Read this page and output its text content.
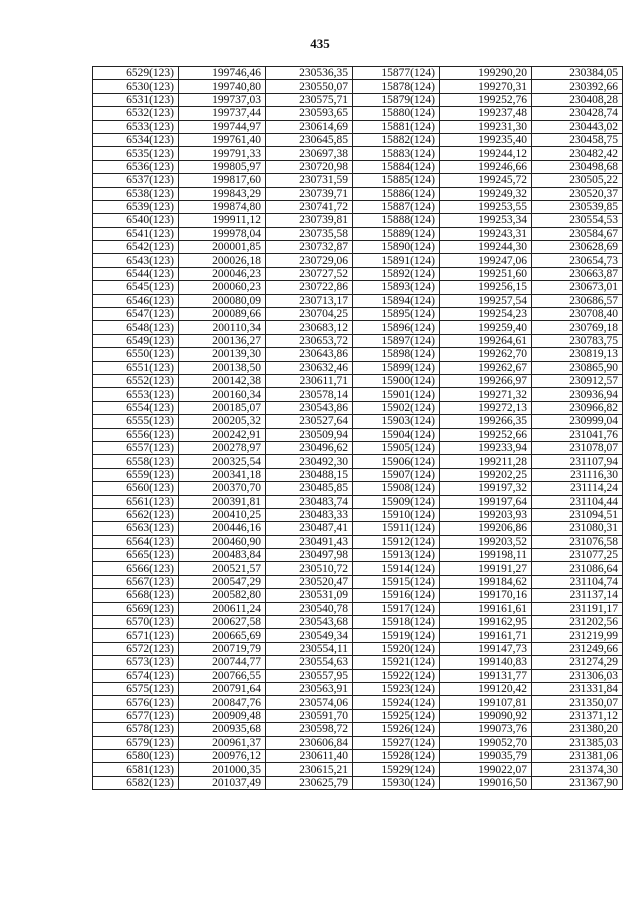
435
6529(123)	199746,46	230536,35	15877(124)	199290,20	230384,05
6530(123)	199740,80	230550,07	15878(124)	199270,31	230392,66
6531(123)	199737,03	230575,71	15879(124)	199252,76	230408,28
6532(123)	199737,44	230593,65	15880(124)	199237,48	230428,74
6533(123)	199744,97	230614,69	15881(124)	199231,30	230443,02
6534(123)	199761,40	230645,85	15882(124)	199235,40	230458,75
6535(123)	199791,33	230697,38	15883(124)	199244,12	230482,42
6536(123)	199805,97	230720,98	15884(124)	199246,66	230498,68
6537(123)	199817,60	230731,59	15885(124)	199245,72	230505,22
6538(123)	199843,29	230739,71	15886(124)	199249,32	230520,37
6539(123)	199874,80	230741,72	15887(124)	199253,55	230539,85
6540(123)	199911,12	230739,81	15888(124)	199253,34	230554,53
6541(123)	199978,04	230735,58	15889(124)	199243,31	230584,67
6542(123)	200001,85	230732,87	15890(124)	199244,30	230628,69
6543(123)	200026,18	230729,06	15891(124)	199247,06	230654,73
6544(123)	200046,23	230727,52	15892(124)	199251,60	230663,87
6545(123)	200060,23	230722,86	15893(124)	199256,15	230673,01
6546(123)	200080,09	230713,17	15894(124)	199257,54	230686,57
6547(123)	200089,66	230704,25	15895(124)	199254,23	230708,40
6548(123)	200110,34	230683,12	15896(124)	199259,40	230769,18
6549(123)	200136,27	230653,72	15897(124)	199264,61	230783,75
6550(123)	200139,30	230643,86	15898(124)	199262,70	230819,13
6551(123)	200138,50	230632,46	15899(124)	199262,67	230865,90
6552(123)	200142,38	230611,71	15900(124)	199266,97	230912,57
6553(123)	200160,34	230578,14	15901(124)	199271,32	230936,94
6554(123)	200185,07	230543,86	15902(124)	199272,13	230966,82
6555(123)	200205,32	230527,64	15903(124)	199266,35	230999,04
6556(123)	200242,91	230509,94	15904(124)	199252,66	231041,76
6557(123)	200278,97	230496,62	15905(124)	199233,94	231078,07
6558(123)	200325,54	230492,30	15906(124)	199211,28	231107,94
6559(123)	200341,18	230488,15	15907(124)	199202,25	231116,30
6560(123)	200370,70	230485,85	15908(124)	199197,32	231114,24
6561(123)	200391,81	230483,74	15909(124)	199197,64	231104,44
6562(123)	200410,25	230483,33	15910(124)	199203,93	231094,51
6563(123)	200446,16	230487,41	15911(124)	199206,86	231080,31
6564(123)	200460,90	230491,43	15912(124)	199203,52	231076,58
6565(123)	200483,84	230497,98	15913(124)	199198,11	231077,25
6566(123)	200521,57	230510,72	15914(124)	199191,27	231086,64
6567(123)	200547,29	230520,47	15915(124)	199184,62	231104,74
6568(123)	200582,80	230531,09	15916(124)	199170,16	231137,14
6569(123)	200611,24	230540,78	15917(124)	199161,61	231191,17
6570(123)	200627,58	230543,68	15918(124)	199162,95	231202,56
6571(123)	200665,69	230549,34	15919(124)	199161,71	231219,99
6572(123)	200719,79	230554,11	15920(124)	199147,73	231249,66
6573(123)	200744,77	230554,63	15921(124)	199140,83	231274,29
6574(123)	200766,55	230557,95	15922(124)	199131,77	231306,03
6575(123)	200791,64	230563,91	15923(124)	199120,42	231331,84
6576(123)	200847,76	230574,06	15924(124)	199107,81	231350,07
6577(123)	200909,48	230591,70	15925(124)	199090,92	231371,12
6578(123)	200935,68	230598,72	15926(124)	199073,76	231380,20
6579(123)	200961,37	230606,84	15927(124)	199052,70	231385,03
6580(123)	200976,12	230611,40	15928(124)	199035,79	231381,06
6581(123)	201000,35	230615,21	15929(124)	199022,07	231374,30
6582(123)	201037,49	230625,79	15930(124)	199016,50	231367,90
